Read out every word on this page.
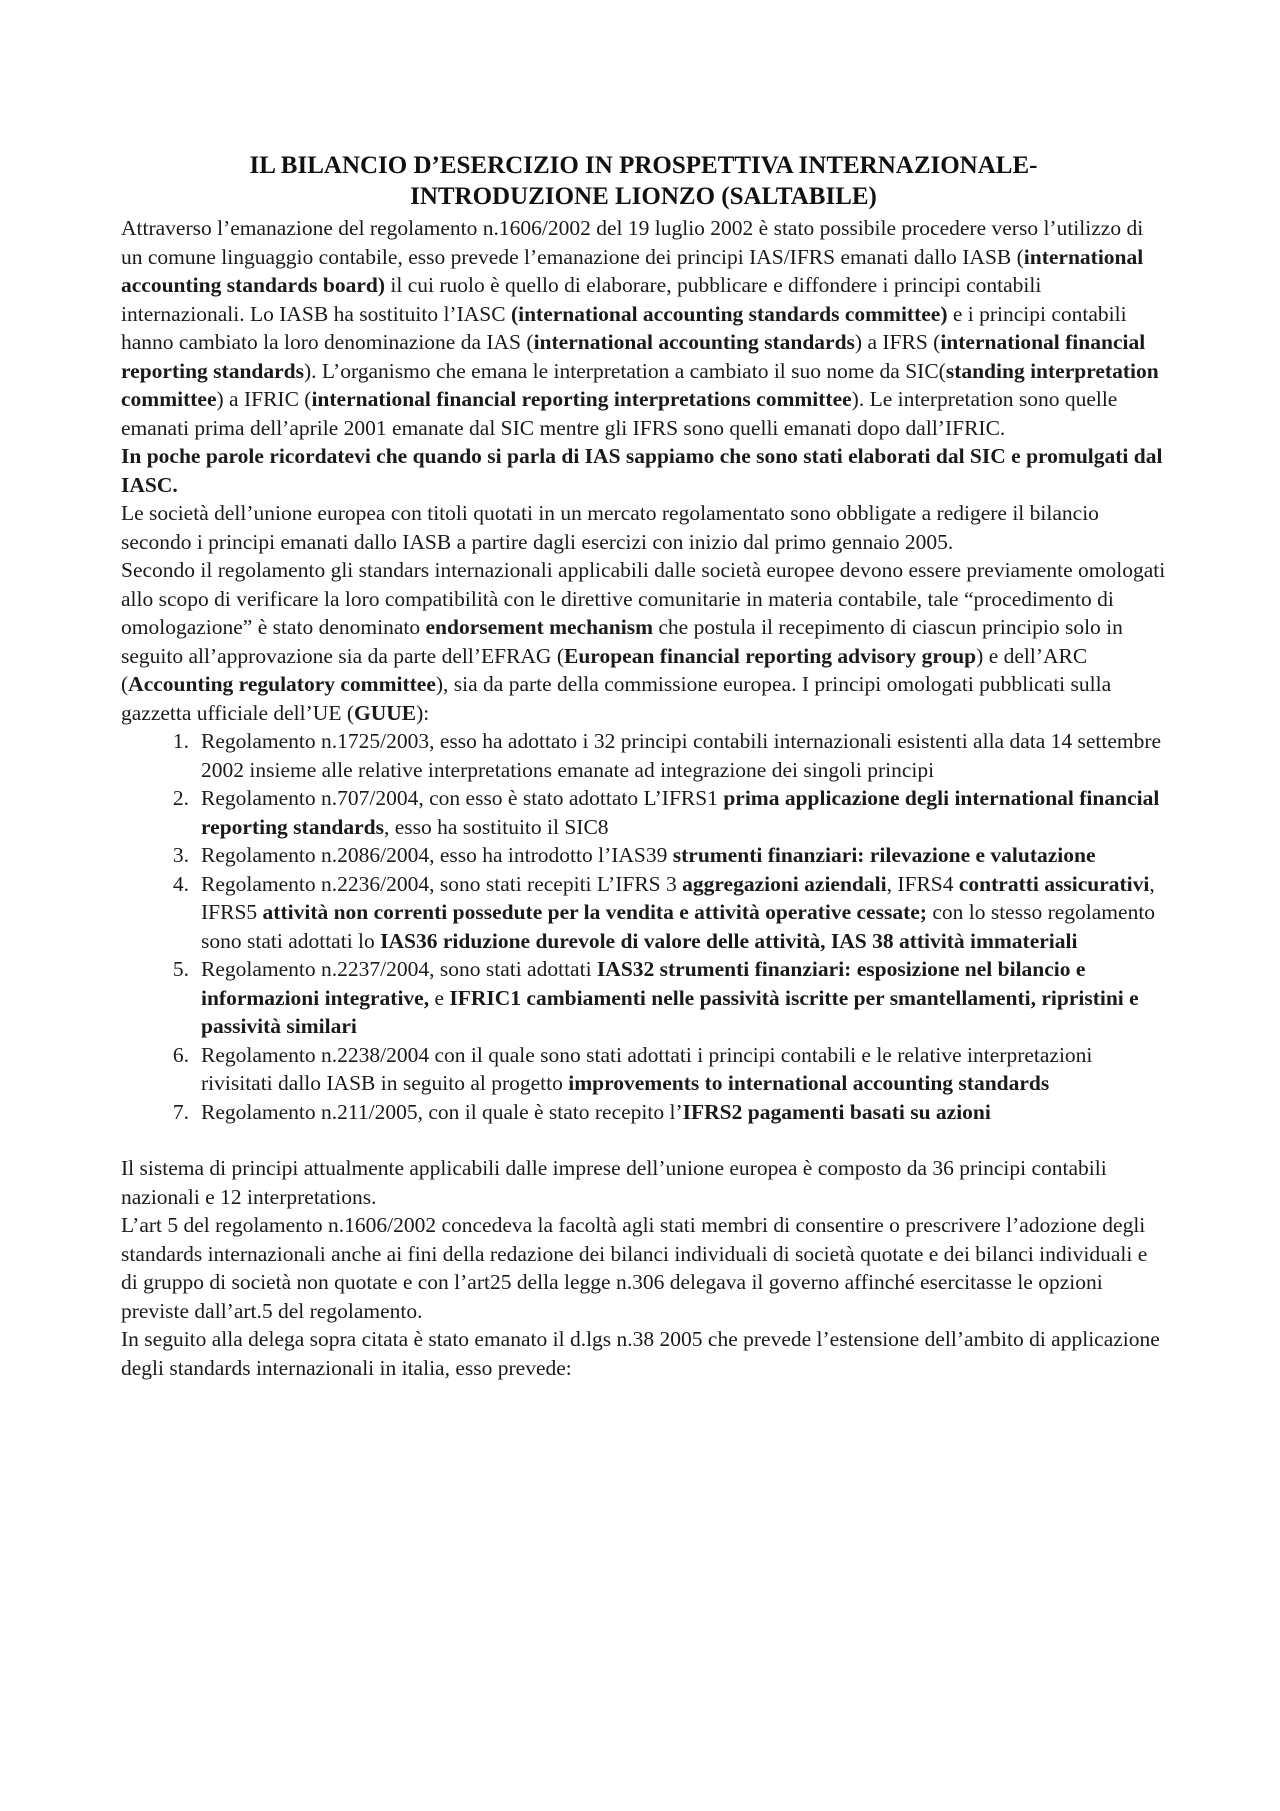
IL BILANCIO D’ESERCIZIO IN PROSPETTIVA INTERNAZIONALE-
INTRODUZIONE LIONZO (SALTABILE)

Attraverso l’emanazione del regolamento n.1606/2002 del 19 luglio 2002 è stato possibile procedere verso l’utilizzo di un comune linguaggio contabile, esso prevede l’emanazione dei principi IAS/IFRS emanati dallo IASB (international accounting standards board) il cui ruolo è quello di elaborare, pubblicare e diffondere i principi contabili internazionali. Lo IASB ha sostituito l’IASC (international accounting standards committee) e i principi contabili hanno cambiato la loro denominazione da IAS (international accounting standards) a IFRS (international financial reporting standards). L’organismo che emana le interpretation a cambiato il suo nome da SIC(standing interpretation committee) a IFRIC (international financial reporting interpretations committee). Le interpretation sono quelle emanati prima dell’aprile 2001 emanate dal SIC mentre gli IFRS sono quelli emanati dopo dall’IFRIC.

In poche parole ricordatevi che quando si parla di IAS sappiamo che sono stati elaborati dal SIC e promulgati dal IASC.

Le società dell’unione europea con titoli quotati in un mercato regolamentato sono obbligate a redigere il bilancio secondo i principi emanati dallo IASB a partire dagli esercizi con inizio dal primo gennaio 2005.

Secondo il regolamento gli standars internazionali applicabili dalle società europee devono essere previamente omologati allo scopo di verificare la loro compatibilità con le direttive comunitarie in materia contabile, tale “procedimento di omologazione” è stato denominato endorsement mechanism che postula il recepimento di ciascun principio solo in seguito all’approvazione sia da parte dell’EFRAG (European financial reporting advisory group) e dell’ARC (Accounting regulatory committee), sia da parte della commissione europea. I principi omologati pubblicati sulla gazzetta ufficiale dell’UE (GUUE):

1. Regolamento n.1725/2003, esso ha adottato i 32 principi contabili internazionali esistenti alla data 14 settembre 2002 insieme alle relative interpretations emanate ad integrazione dei singoli principi
2. Regolamento n.707/2004, con esso è stato adottato L’IFRS1 prima applicazione degli international financial reporting standards, esso ha sostituito il SIC8
3. Regolamento n.2086/2004, esso ha introdotto l’IAS39 strumenti finanziari: rilevazione e valutazione
4. Regolamento n.2236/2004, sono stati recepiti L’IFRS 3 aggregazioni aziendali, IFRS4 contratti assicurativi, IFRS5 attività non correnti possedute per la vendita e attività operative cessate; con lo stesso regolamento sono stati adottati lo IAS36 riduzione durevole di valore delle attività, IAS 38 attività immateriali
5. Regolamento n.2237/2004, sono stati adottati IAS32 strumenti finanziari: esposizione nel bilancio e informazioni integrative, e IFRIC1 cambiamenti nelle passività iscritte per smantellamenti, ripristini e passività similari
6. Regolamento n.2238/2004 con il quale sono stati adottati i principi contabili e le relative interpretazioni rivisitati dallo IASB in seguito al progetto improvements to international accounting standards
7. Regolamento n.211/2005, con il quale è stato recepito l’IFRS2 pagamenti basati su azioni

Il sistema di principi attualmente applicabili dalle imprese dell’unione europea è composto da 36 principi contabili nazionali e 12 interpretations.

L’art 5 del regolamento n.1606/2002 concedeva la facoltà agli stati membri di consentire o prescrivere l’adozione degli standards internazionali anche ai fini della redazione dei bilanci individuali di società quotate e dei bilanci individuali e di gruppo di società non quotate e con l’art25 della legge n.306 delegava il governo affinché esercitasse le opzioni previste dall’art.5 del regolamento.

In seguito alla delega sopra citata è stato emanato il d.lgs n.38 2005 che prevede l’estensione dell’ambito di applicazione degli standards internazionali in italia, esso prevede:
